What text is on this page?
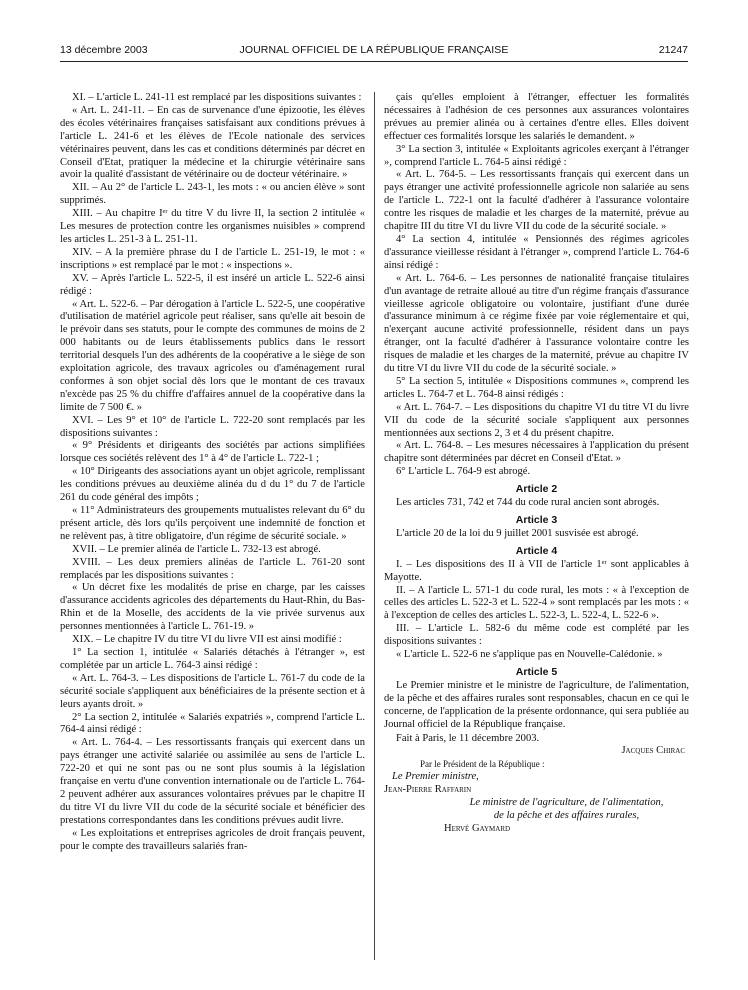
13 décembre 2003	JOURNAL OFFICIEL DE LA RÉPUBLIQUE FRANÇAISE	21247

XI. – L'article L. 241-11 est remplacé par les dispositions suivantes :

« Art. L. 241-11. – En cas de survenance d'une épizootie, les élèves des écoles vétérinaires françaises satisfaisant aux conditions prévues à l'article L. 241-6 et les élèves de l'Ecole nationale des services vétérinaires peuvent, dans les cas et conditions déterminés par décret en Conseil d'Etat, pratiquer la médecine et la chirurgie vétérinaire sans avoir la qualité d'assistant de vétérinaire ou de docteur vétérinaire. »

XII. – Au 2° de l'article L. 243-1, les mots : « ou ancien élève » sont supprimés.

XIII. – Au chapitre Iᵉʳ du titre V du livre II, la section 2 intitulée « Les mesures de protection contre les organismes nuisibles » comprend les articles L. 251-3 à L. 251-11.

XIV. – A la première phrase du I de l'article L. 251-19, le mot : « inscriptions » est remplacé par le mot : « inspections ».

XV. – Après l'article L. 522-5, il est inséré un article L. 522-6 ainsi rédigé :

« Art. L. 522-6. – Par dérogation à l'article L. 522-5, une coopérative d'utilisation de matériel agricole peut réaliser, sans qu'elle ait besoin de le prévoir dans ses statuts, pour le compte des communes de moins de 2 000 habitants ou de leurs établissements publics dans le ressort territorial desquels l'un des adhérents de la coopérative a le siège de son exploitation agricole, des travaux agricoles ou d'aménagement rural conformes à son objet social dès lors que le montant de ces travaux n'excède pas 25 % du chiffre d'affaires annuel de la coopérative dans la limite de 7 500 €. »

XVI. – Les 9° et 10° de l'article L. 722-20 sont remplacés par les dispositions suivantes :

« 9° Présidents et dirigeants des sociétés par actions simplifiées lorsque ces sociétés relèvent des 1° à 4° de l'article L. 722-1 ;

« 10° Dirigeants des associations ayant un objet agricole, remplissant les conditions prévues au deuxième alinéa du d du 1° du 7 de l'article 261 du code général des impôts ;

« 11° Administrateurs des groupements mutualistes relevant du 6° du présent article, dès lors qu'ils perçoivent une indemnité de fonction et ne relèvent pas, à titre obligatoire, d'un régime de sécurité sociale. »

XVII. – Le premier alinéa de l'article L. 732-13 est abrogé.

XVIII. – Les deux premiers alinéas de l'article L. 761-20 sont remplacés par les dispositions suivantes :

« Un décret fixe les modalités de prise en charge, par les caisses d'assurance accidents agricoles des départements du Haut-Rhin, du Bas-Rhin et de la Moselle, des accidents de la vie privée survenus aux personnes mentionnées à l'article L. 761-19. »

XIX. – Le chapitre IV du titre VI du livre VII est ainsi modifié :

1° La section 1, intitulée « Salariés détachés à l'étranger », est complétée par un article L. 764-3 ainsi rédigé :

« Art. L. 764-3. – Les dispositions de l'article L. 761-7 du code de la sécurité sociale s'appliquent aux bénéficiaires de la présente section et à leurs ayants droit. »

2° La section 2, intitulée « Salariés expatriés », comprend l'article L. 764-4 ainsi rédigé :

« Art. L. 764-4. – Les ressortissants français qui exercent dans un pays étranger une activité salariée ou assimilée au sens de l'article L. 722-20 et qui ne sont pas ou ne sont plus soumis à la législation française en vertu d'une convention internationale ou de l'article L. 764-2 peuvent adhérer aux assurances volontaires prévues par le chapitre II du titre VI du livre VII du code de la sécurité sociale et bénéficier des prestations correspondantes dans les conditions prévues audit livre.

« Les exploitations et entreprises agricoles de droit français peuvent, pour le compte des travailleurs salariés fran-

çais qu'elles emploient à l'étranger, effectuer les formalités nécessaires à l'adhésion de ces personnes aux assurances volontaires prévues au premier alinéa ou à certaines d'entre elles. Elles doivent effectuer ces formalités lorsque les salariés le demandent. »

3° La section 3, intitulée « Exploitants agricoles exerçant à l'étranger », comprend l'article L. 764-5 ainsi rédigé :

« Art. L. 764-5. – Les ressortissants français qui exercent dans un pays étranger une activité professionnelle agricole non salariée au sens de l'article L. 722-1 ont la faculté d'adhérer à l'assurance volontaire contre les risques de maladie et les charges de la maternité, prévue au chapitre III du titre VI du livre VII du code de la sécurité sociale. »

4° La section 4, intitulée « Pensionnés des régimes agricoles d'assurance vieillesse résidant à l'étranger », comprend l'article L. 764-6 ainsi rédigé :

« Art. L. 764-6. – Les personnes de nationalité française titulaires d'un avantage de retraite alloué au titre d'un régime français d'assurance vieillesse agricole obligatoire ou volontaire, justifiant d'une durée d'assurance minimum à ce régime fixée par voie réglementaire et qui, n'exerçant aucune activité professionnelle, résident dans un pays étranger, ont la faculté d'adhérer à l'assurance volontaire contre les risques de maladie et les charges de la maternité, prévue au chapitre IV du titre VI du livre VII du code de la sécurité sociale. »

5° La section 5, intitulée « Dispositions communes », comprend les articles L. 764-7 et L. 764-8 ainsi rédigés :

« Art. L. 764-7. – Les dispositions du chapitre VI du titre VI du livre VII du code de la sécurité sociale s'appliquent aux personnes mentionnées aux sections 2, 3 et 4 du présent chapitre.

« Art. L. 764-8. – Les mesures nécessaires à l'application du présent chapitre sont déterminées par décret en Conseil d'Etat. »

6° L'article L. 764-9 est abrogé.

Article 2

Les articles 731, 742 et 744 du code rural ancien sont abrogés.

Article 3

L'article 20 de la loi du 9 juillet 2001 susvisée est abrogé.

Article 4

I. – Les dispositions des II à VII de l'article 1ᵉʳ sont applicables à Mayotte.

II. – A l'article L. 571-1 du code rural, les mots : « à l'exception de celles des articles L. 522-3 et L. 522-4 » sont remplacés par les mots : « à l'exception de celles des articles L. 522-3, L. 522-4, L. 522-6 ».

III. – L'article L. 582-6 du même code est complété par les dispositions suivantes :

« L'article L. 522-6 ne s'applique pas en Nouvelle-Calédonie. »

Article 5

Le Premier ministre et le ministre de l'agriculture, de l'alimentation, de la pêche et des affaires rurales sont responsables, chacun en ce qui le concerne, de l'application de la présente ordonnance, qui sera publiée au Journal officiel de la République française.

Fait à Paris, le 11 décembre 2003.

Jacques Chirac

Par le Président de la République :

Le Premier ministre,

Jean-Pierre Raffarin

Le ministre de l'agriculture, de l'alimentation,

de la pêche et des affaires rurales,

Hervé Gaymard
